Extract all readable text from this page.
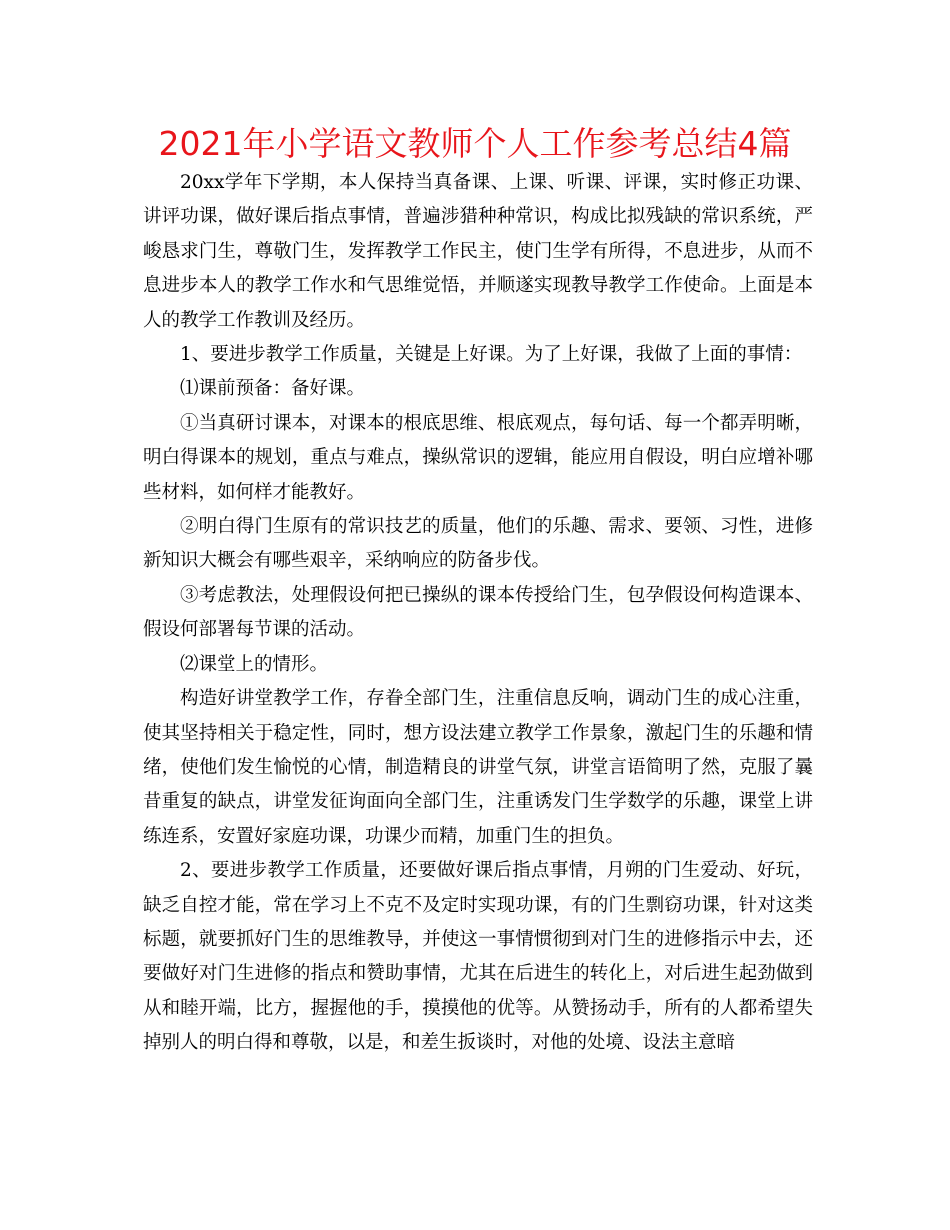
2021年小学语文教师个人工作参考总结4篇

20xx学年下学期，本人保持当真备课、上课、听课、评课，实时修正功课、讲评功课，做好课后指点事情，普遍涉猎种种常识，构成比拟残缺的常识系统，严峻恳求门生，尊敬门生，发挥教学工作民主，使门生学有所得，不息进步，从而不息进步本人的教学工作水和气思维觉悟，并顺遂实现教导教学工作使命。上面是本人的教学工作教训及经历。

1、要进步教学工作质量，关键是上好课。为了上好课，我做了上面的事情：

⑴课前预备：备好课。

①当真研讨课本，对课本的根底思维、根底观点，每句话、每一个都弄明晰，明白得课本的规划，重点与难点，操纵常识的逻辑，能应用自假设，明白应增补哪些材料，如何样才能教好。

②明白得门生原有的常识技艺的质量，他们的乐趣、需求、要领、习性，进修新知识大概会有哪些艰辛，采纳响应的防备步伐。

③考虑教法，处理假设何把已操纵的课本传授给门生，包孕假设何构造课本、假设何部署每节课的活动。

⑵课堂上的情形。

构造好讲堂教学工作，存眷全部门生，注重信息反响，调动门生的成心注重，使其坚持相关于稳定性，同时，想方设法建立教学工作景象，激起门生的乐趣和情绪，使他们发生愉悦的心情，制造精良的讲堂气氛，讲堂言语简明了然，克服了曩昔重复的缺点，讲堂发征询面向全部门生，注重诱发门生学数学的乐趣，课堂上讲练连系，安置好家庭功课，功课少而精，加重门生的担负。

2、要进步教学工作质量，还要做好课后指点事情，月朔的门生爱动、好玩，缺乏自控才能，常在学习上不克不及定时实现功课，有的门生剽窃功课，针对这类标题，就要抓好门生的思维教导，并使这一事情惯彻到对门生的进修指示中去，还要做好对门生进修的指点和赞助事情，尤其在后进生的转化上，对后进生起劲做到从和睦开端，比方，握握他的手，摸摸他的优等。从赞扬动手，所有的人都希望失掉别人的明白得和尊敬，以是，和差生扳谈时，对他的处境、设法主意暗
